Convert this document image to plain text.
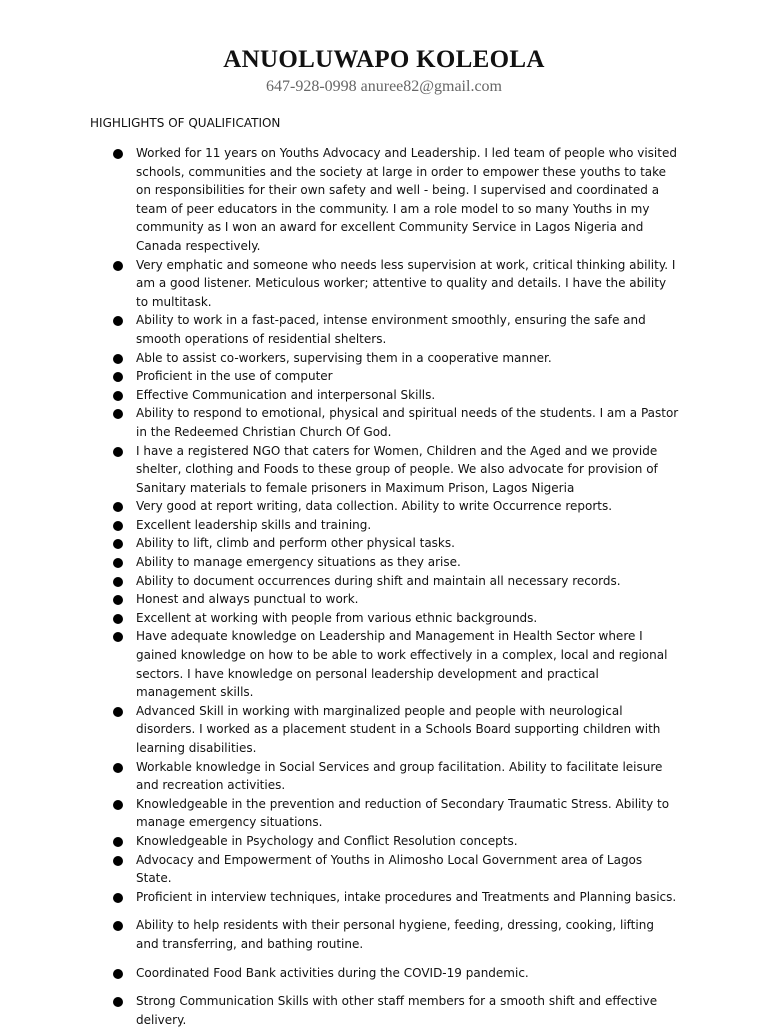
ANUOLUWAPO KOLEOLA
647-928-0998 anuree82@gmail.com
HIGHLIGHTS OF QUALIFICATION
Worked for 11 years on Youths Advocacy and Leadership. I led team of people who visited schools, communities and the society at large in order to empower these youths to take on responsibilities for their own safety and well - being. I supervised and coordinated a team of peer educators in the community. I am a role model to so many Youths in my community as I won an award for excellent Community Service in Lagos Nigeria and Canada respectively.
Very emphatic and someone who needs less supervision at work, critical thinking ability. I am a good listener. Meticulous worker; attentive to quality and details. I have the ability to multitask.
Ability to work in a fast-paced, intense environment smoothly, ensuring the safe and smooth operations of residential shelters.
Able to assist co-workers, supervising them in a cooperative manner.
Proficient in the use of computer
Effective Communication and interpersonal Skills.
Ability to respond to emotional, physical and spiritual needs of the students. I am a Pastor in the Redeemed Christian Church Of God.
I have a registered NGO that caters for Women, Children and the Aged and we provide shelter, clothing and Foods to these group of people. We also advocate for provision of Sanitary materials to female prisoners in Maximum Prison, Lagos Nigeria
Very good at report writing, data collection. Ability to write Occurrence reports.
Excellent leadership skills and training.
Ability to lift, climb and perform other physical tasks.
Ability to manage emergency situations as they arise.
Ability to document occurrences during shift and maintain all necessary records.
Honest and always punctual to work.
Excellent at working with people from various ethnic backgrounds.
Have adequate knowledge on Leadership and Management in Health Sector where I gained knowledge on how to be able to work effectively in a complex, local and regional sectors. I have knowledge on personal leadership development and practical management skills.
Advanced Skill in working with marginalized people and people with neurological disorders. I worked as a placement student in a Schools Board supporting children with learning disabilities.
Workable knowledge in Social Services and group facilitation. Ability to facilitate leisure and recreation activities.
Knowledgeable in the prevention and reduction of Secondary Traumatic Stress. Ability to manage emergency situations.
Knowledgeable in Psychology and Conflict Resolution concepts.
Advocacy and Empowerment of Youths in Alimosho Local Government area of Lagos State.
Proficient in interview techniques, intake procedures and Treatments and Planning basics.
Ability to help residents with their personal hygiene, feeding, dressing, cooking, lifting and transferring, and bathing routine.
Coordinated Food Bank activities during the COVID-19 pandemic.
Strong Communication Skills with other staff members for a smooth shift and effective delivery.
